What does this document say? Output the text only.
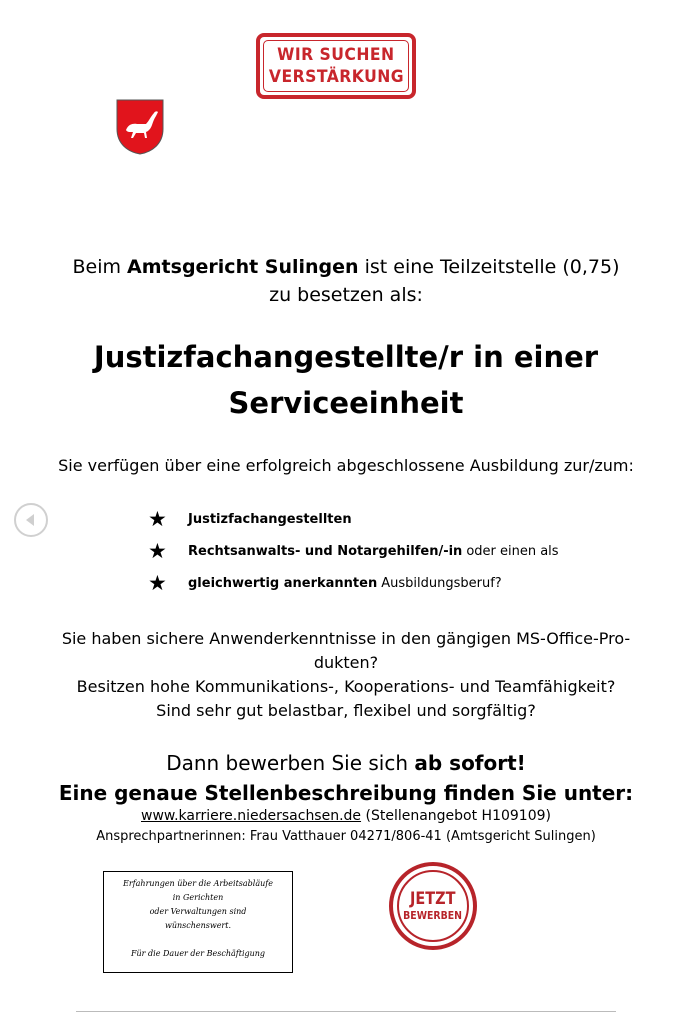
WIR SUCHEN
VERSTÄRKUNG
Beim Amtsgericht Sulingen ist eine Teilzeitstelle (0,75)
zu besetzen als:
Justizfachangestellte/r in einer
Serviceeinheit
Sie verfügen über eine erfolgreich abgeschlossene Ausbildung zur/zum:
★	Justizfachangestellten
★	Rechtsanwalts- und Notargehilfen/-in oder einen als
★	gleichwertig anerkannten Ausbildungsberuf?
Sie haben sichere Anwenderkenntnisse in den gängigen MS-Office-Pro-
dukten?
Besitzen hohe Kommunikations-, Kooperations- und Teamfähigkeit?
Sind sehr gut belastbar, flexibel und sorgfältig?
Dann bewerben Sie sich ab sofort!
Eine genaue Stellenbeschreibung finden Sie unter:
www.karriere.niedersachsen.de (Stellenangebot H109109)
Ansprechpartnerinnen: Frau Vatthauer 04271/806-41 (Amtsgericht Sulingen)
Erfahrungen über die Arbeitsabläufe
in Gerichten
oder Verwaltungen sind
wünschenswert.
Für die Dauer der Beschäftigung
JETZT
BEWERBEN
